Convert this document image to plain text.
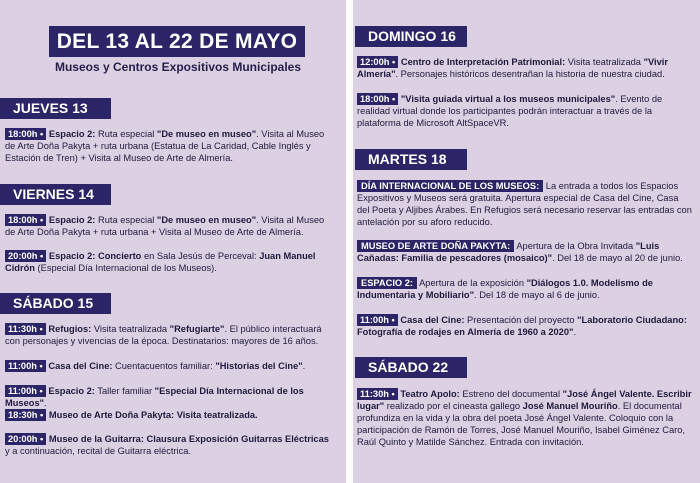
DEL 13 AL 22 DE MAYO
Museos y Centros Expositivos Municipales
JUEVES 13
18:00h • Espacio 2: Ruta especial "De museo en museo". Visita al Museo de Arte Doña Pakyta + ruta urbana (Estatua de La Caridad, Cable Inglés y Estación de Tren) + Visita al Museo de Arte de Almería.
VIERNES 14
18:00h • Espacio 2: Ruta especial "De museo en museo". Visita al Museo de Arte Doña Pakyta + ruta urbana + Visita al Museo de Arte de Almería.
20:00h • Espacio 2: Concierto en Sala Jesús de Perceval: Juan Manuel Cidrón (Especial Día Internacional de los Museos).
SÁBADO 15
11:30h • Refugios: Visita teatralizada "Refugiarte". El público interactuará con personajes y vivencias de la época. Destinatarios: mayores de 16 años.
11:00h • Casa del Cine: Cuentacuentos familiar: "Historias del Cine".
11:00h • Espacio 2: Taller familiar "Especial Día Internacional de los Museos".
18:30h • Museo de Arte Doña Pakyta: Visita teatralizada.
20:00h • Museo de la Guitarra: Clausura Exposición Guitarras Eléctricas y a continuación, recital de Guitarra eléctrica.
DOMINGO 16
12:00h • Centro de Interpretación Patrimonial: Visita teatralizada "Vivir Almería". Personajes históricos desentrañan la historia de nuestra ciudad.
18:00h • "Visita guiada virtual a los museos municipales". Evento de realidad virtual donde los participantes podrán interactuar a través de la plataforma de Microsoft AltSpaceVR.
MARTES 18
DÍA INTERNACIONAL DE LOS MUSEOS: La entrada a todos los Espacios Expositivos y Museos será gratuita. Apertura especial de Casa del Cine, Casa del Poeta y Aljibes Árabes. En Refugios será necesario reservar las entradas con antelación por su aforo reducido.
MUSEO DE ARTE DOÑA PAKYTA: Apertura de la Obra Invitada "Luis Cañadas: Familia de pescadores (mosaico)". Del 18 de mayo al 20 de junio.
ESPACIO 2: Apertura de la exposición "Diálogos 1.0. Modelismo de Indumentaria y Mobiliario". Del 18 de mayo al 6 de junio.
11:00h • Casa del Cine: Presentación del proyecto "Laboratorio Ciudadano: Fotografía de rodajes en Almería de 1960 a 2020".
SÁBADO 22
11:30h • Teatro Apolo: Estreno del documental "José Ángel Valente. Escribir lugar" realizado por el cineasta gallego José Manuel Mouriño. El documental profundiza en la vida y la obra del poeta José Ángel Valente. Coloquio con la participación de Ramón de Torres, José Manuel Mouriño, Isabel Giménez Caro, Raúl Quinto y Matilde Sánchez. Entrada con invitación.
